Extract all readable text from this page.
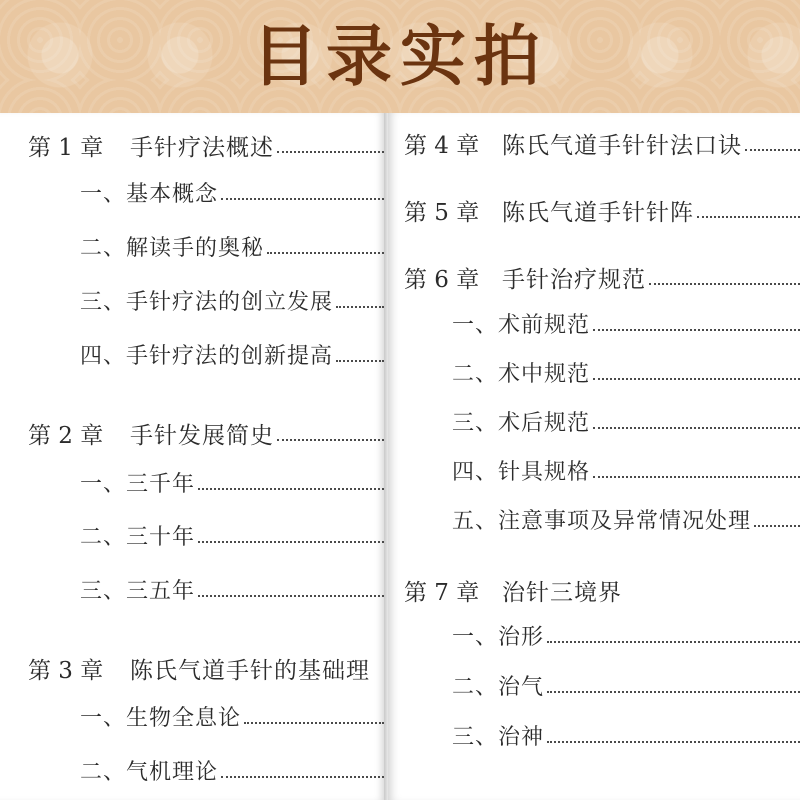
目录实拍
第 1 章	手针疗法概述
一、基本概念
二、解读手的奥秘
三、手针疗法的创立发展
四、手针疗法的创新提高
第 2 章	手针发展简史
一、三千年
二、三十年
三、三五年
第 3 章	陈氏气道手针的基础理
一、生物全息论
二、气机理论
第 4 章 陈氏气道手针针法口诀
第 5 章 陈氏气道手针针阵
第 6 章 手针治疗规范
一、术前规范
二、术中规范
三、术后规范
四、针具规格
五、注意事项及异常情况处理
第 7 章 治针三境界
一、治形
二、治气
三、治神
